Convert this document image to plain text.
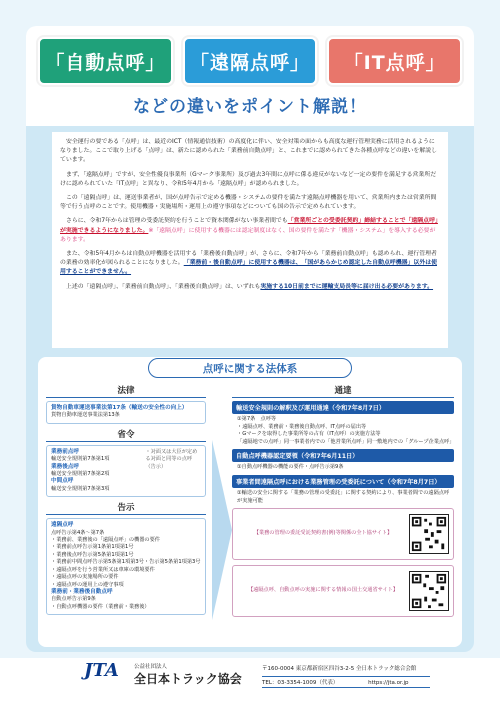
「自動点呼」	「遠隔点呼」	「IT点呼」
などの違いをポイント解説！

安全運行の要である「点呼」は、最近のICT（情報通信技術）の高度化に伴い、安全対策の面からも高度な運行管理実務に活用されるようになりました。ここで取り上げる「点呼」は、新たに認められた「業務前自動点呼」と、これまでに認められてきた各種点呼などの違いを解説しています。

まず、「遠隔点呼」ですが、安全性優良事業所（Gマーク事業所）及び過去3年間に点呼に係る違反がないなど一定の要件を満足する営業所だけに認められていた「IT点呼」と異なり、令和5年4月から「遠隔点呼」が認められました。

この「遠隔点呼」は、運送事業者が、国が点呼告示で定める機器・システムの要件を満たす遠隔点呼機器を用いて、営業所内または営業所間等で行う点呼のことです。使用機器・実施場所・運用上の遵守事項などについても国の告示で定められています。

さらに、令和7年からは管理の受委託契約を行うことで資本関係がない事業者間でも「営業所ごとの受委託契約」締結することで「遠隔点呼」が実施できるようになりました。※「遠隔点呼」に使用する機器には認定制度はなく、国の要件を満たす「機器・システム」を導入する必要があります。

また、令和5年4月からは自動点呼機器を活用する「業務後自動点呼」が、さらに、令和7年から「業務前自動点呼」も認められ、運行管理者の業務の効率化が図られることになりました。「業務前・後自動点呼」に使用する機器は、「国があらかじめ認定した自動点呼機器」以外は使用することができません。

上述の「遠隔点呼」、「業務前自動点呼」、「業務後自動点呼」は、いずれも実施する10日前までに運輸支局長等に届け出る必要があります。

点呼に関する法体系
法律
貨物自動車運送事業法第17条（輸送の安全性の向上）
貨物自動車運送事業法第13条
省令
業務前点呼
輸送安全規則第7条第1項
業務後点呼
輸送安全規則第7条第2項
中間点呼
輸送安全規則第7条第3項
・対面又は大臣が定める対面と同等の点呼（告示）
告示
遠隔点呼
点呼告示第4条〜第7条
・業務前、業務後の「遠隔点呼」の機器の要件
・業務前点呼告示第1条第1項第1号
・業務後点呼告示第5条第1項第1号
・業務前中間点呼告示第5条第1項第3号・告示第5条第1項第3号
・遠隔点呼を行う営業所又は車庫の環境要件
・遠隔点呼の実施場所の要件
・遠隔点呼の運用上の遵守事項
業務前・業務後自動点呼
自動点呼告示第9条
・自動点呼機器の要件（業務前・業務後）
通達
輸送安全規則の解釈及び運用通達（令和7年8月7日）
①第7条　点呼等
・遠隔点呼、業務前・業務後自動点呼、IT点呼の届出等
・Gマークを取得した事業所等の占有（IT点呼）の実施方法等
「遠隔地での点呼」同一事業者内での「他営業所点呼」同一敷地内での「グループ企業点呼」
自動点呼機器認定要領（令和7年6月11日）
①自動点呼機器の機能の要件・点呼告示第9条
事業者間遠隔点呼における業務管理の受委託について（令和7年8月7日）
①輸送の安全に関する「業務の管理の受委託」に関する契約により、事業者間での遠隔点呼が実施可能
【業務の管理の委託受託契約書(例)等関係の全ト協サイト】
【遠隔点呼、自動点呼の実施に関する情報の国土交通省サイト】
JTA	公益社団法人
全日本トラック協会
〒160-0004 東京都新宿区四谷3-2-5 全日本トラック総合会館
TEL：03-3354-1009（代表）	https://jta.or.jp
